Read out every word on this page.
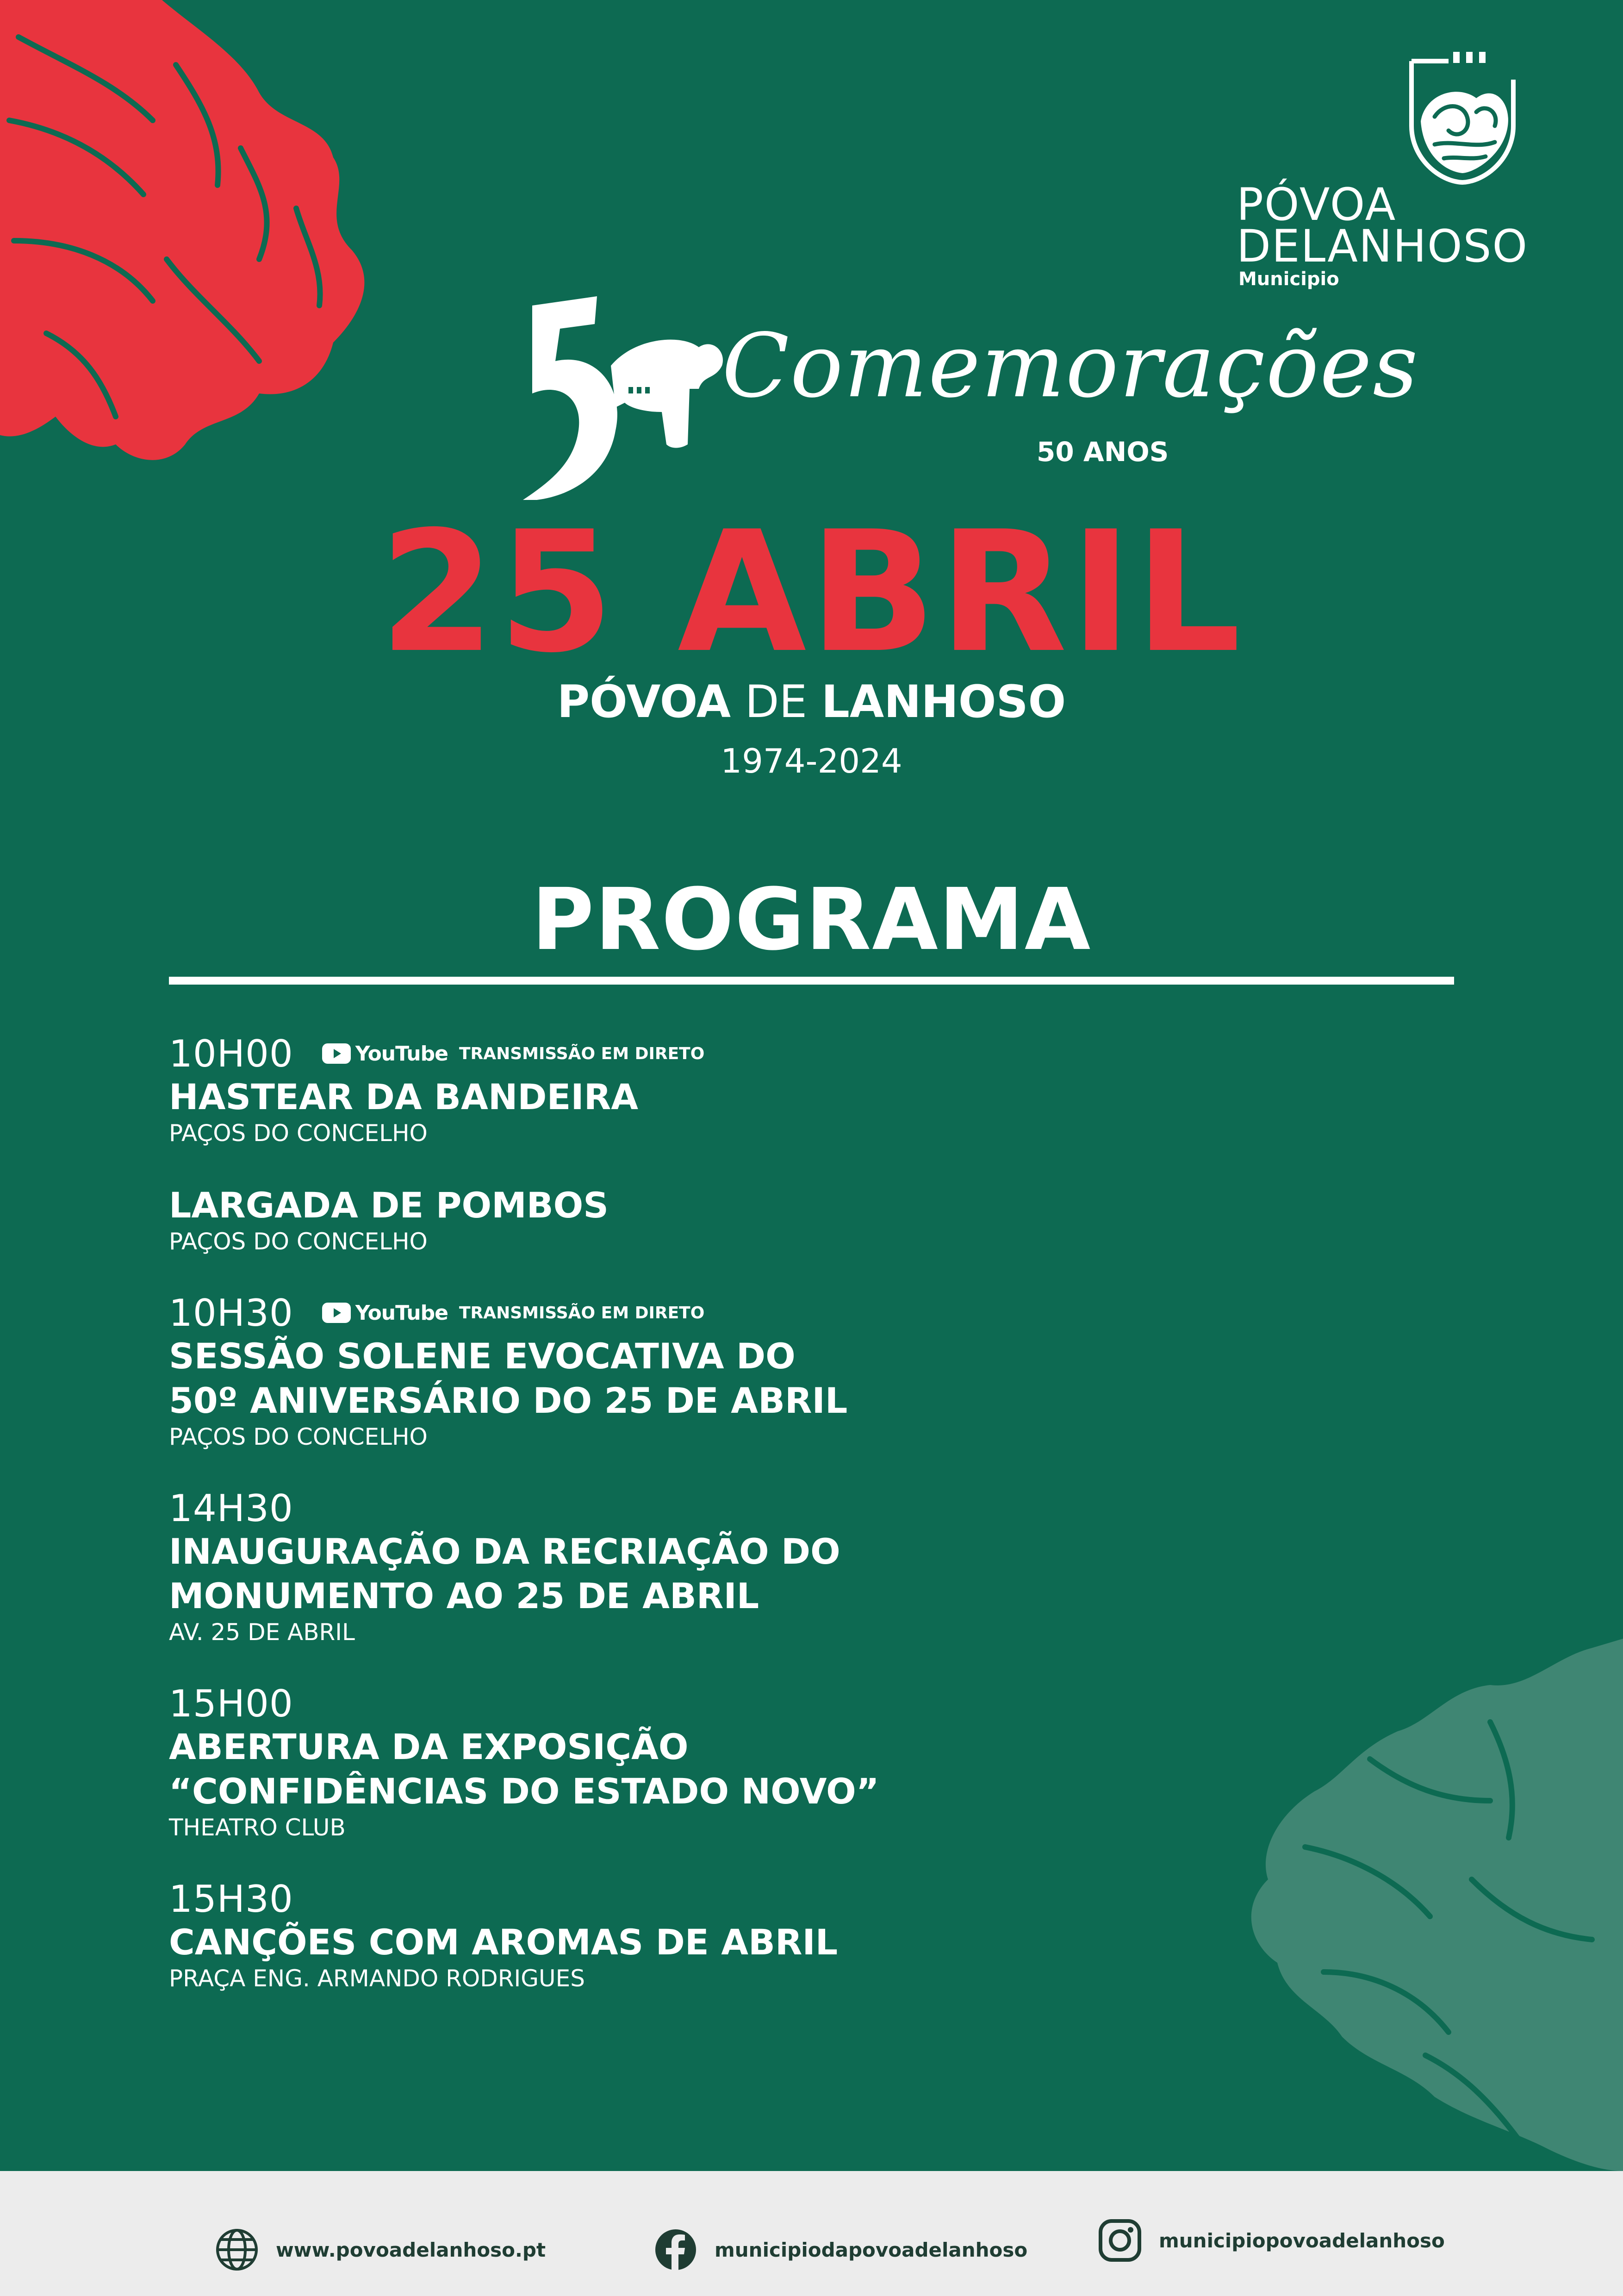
PÓVOA
DELANHOSO
Municipio
Comemorações
50 ANOS
25 ABRIL
PÓVOA DE LANHOSO
1974-2024
PROGRAMA
10H00	YouTube TRANSMISSÃO EM DIRETO
HASTEAR DA BANDEIRA
PAÇOS DO CONCELHO
LARGADA DE POMBOS
PAÇOS DO CONCELHO
10H30	YouTube TRANSMISSÃO EM DIRETO
SESSÃO SOLENE EVOCATIVA DO
50º ANIVERSÁRIO DO 25 DE ABRIL
PAÇOS DO CONCELHO
14H30
INAUGURAÇÃO DA RECRIAÇÃO DO
MONUMENTO AO 25 DE ABRIL
AV. 25 DE ABRIL
15H00
ABERTURA DA EXPOSIÇÃO
“CONFIDÊNCIAS DO ESTADO NOVO”
THEATRO CLUB
15H30
CANÇÕES COM AROMAS DE ABRIL
PRAÇA ENG. ARMANDO RODRIGUES
www.povoadelanhoso.pt	municipiodapovoadelanhoso	municipiopovoadelanhoso
